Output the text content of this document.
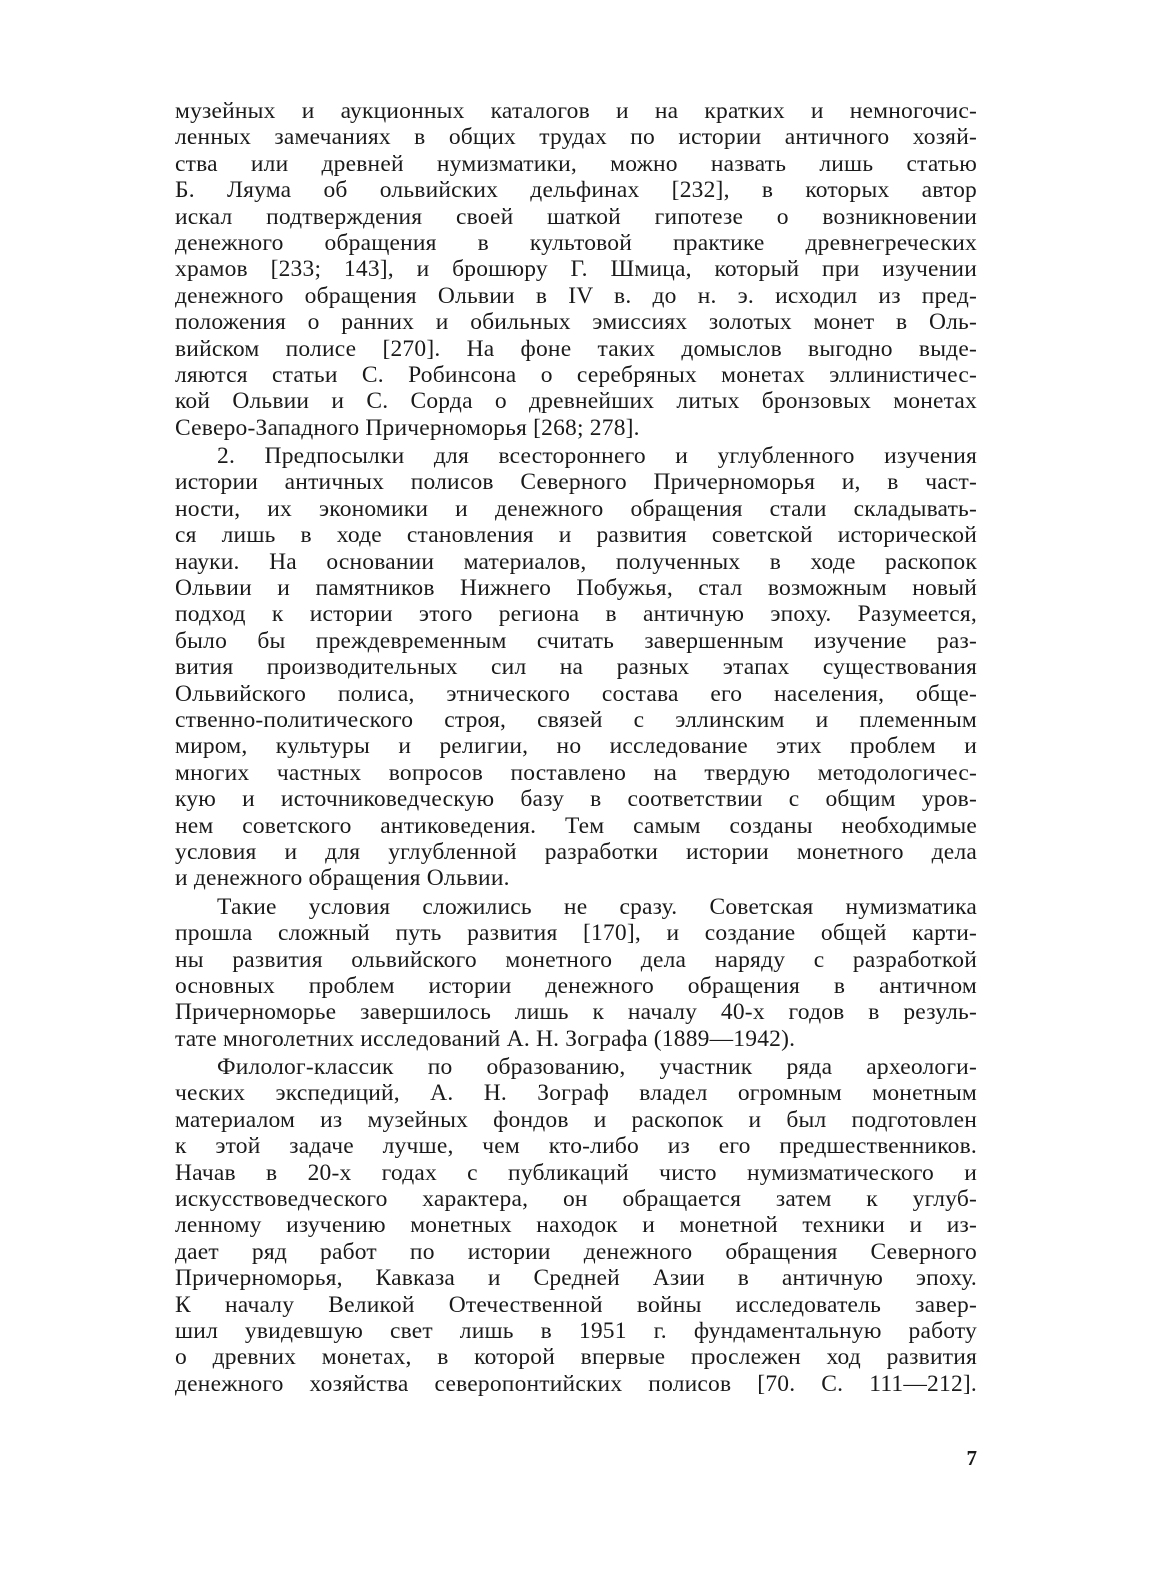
музейных и аукционных каталогов и на кратких и немногочис-
ленных замечаниях в общих трудах по истории античного хозяй-
ства или древней нумизматики, можно назвать лишь статью
Б. Ляума об ольвийских дельфинах [232], в которых автор
искал подтверждения своей шаткой гипотезе о возникновении
денежного обращения в культовой практике древнегреческих
храмов [233; 143], и брошюру Г. Шмица, который при изучении
денежного обращения Ольвии в IV в. до н. э. исходил из пред-
положения о ранних и обильных эмиссиях золотых монет в Оль-
вийском полисе [270]. На фоне таких домыслов выгодно выде-
ляются статьи С. Робинсона о серебряных монетах эллинистичес-
кой Ольвии и С. Сорда о древнейших литых бронзовых монетах
Северо-Западного Причерноморья [268; 278].
2. Предпосылки для всестороннего и углубленного изучения
истории античных полисов Северного Причерноморья и, в част-
ности, их экономики и денежного обращения стали складывать-
ся лишь в ходе становления и развития советской исторической
науки. На основании материалов, полученных в ходе раскопок
Ольвии и памятников Нижнего Побужья, стал возможным новый
подход к истории этого региона в античную эпоху. Разумеется,
было бы преждевременным считать завершенным изучение раз-
вития производительных сил на разных этапах существования
Ольвийского полиса, этнического состава его населения, обще-
ственно-политического строя, связей с эллинским и племенным
миром, культуры и религии, но исследование этих проблем и
многих частных вопросов поставлено на твердую методологичес-
кую и источниковедческую базу в соответствии с общим уров-
нем советского антиковедения. Тем самым созданы необходимые
условия и для углубленной разработки истории монетного дела
и денежного обращения Ольвии.
Такие условия сложились не сразу. Советская нумизматика
прошла сложный путь развития [170], и создание общей карти-
ны развития ольвийского монетного дела наряду с разработкой
основных проблем истории денежного обращения в античном
Причерноморье завершилось лишь к началу 40-х годов в резуль-
тате многолетних исследований А. Н. Зографа (1889—1942).
Филолог-классик по образованию, участник ряда археологи-
ческих экспедиций, А. Н. Зограф владел огромным монетным
материалом из музейных фондов и раскопок и был подготовлен
к этой задаче лучше, чем кто-либо из его предшественников.
Начав в 20-х годах с публикаций чисто нумизматического и
искусствоведческого характера, он обращается затем к углуб-
ленному изучению монетных находок и монетной техники и из-
дает ряд работ по истории денежного обращения Северного
Причерноморья, Кавказа и Средней Азии в античную эпоху.
К началу Великой Отечественной войны исследователь завер-
шил увидевшую свет лишь в 1951 г. фундаментальную работу
о древних монетах, в которой впервые прослежен ход развития
денежного хозяйства северопонтийских полисов [70. С. 111—212].
7
